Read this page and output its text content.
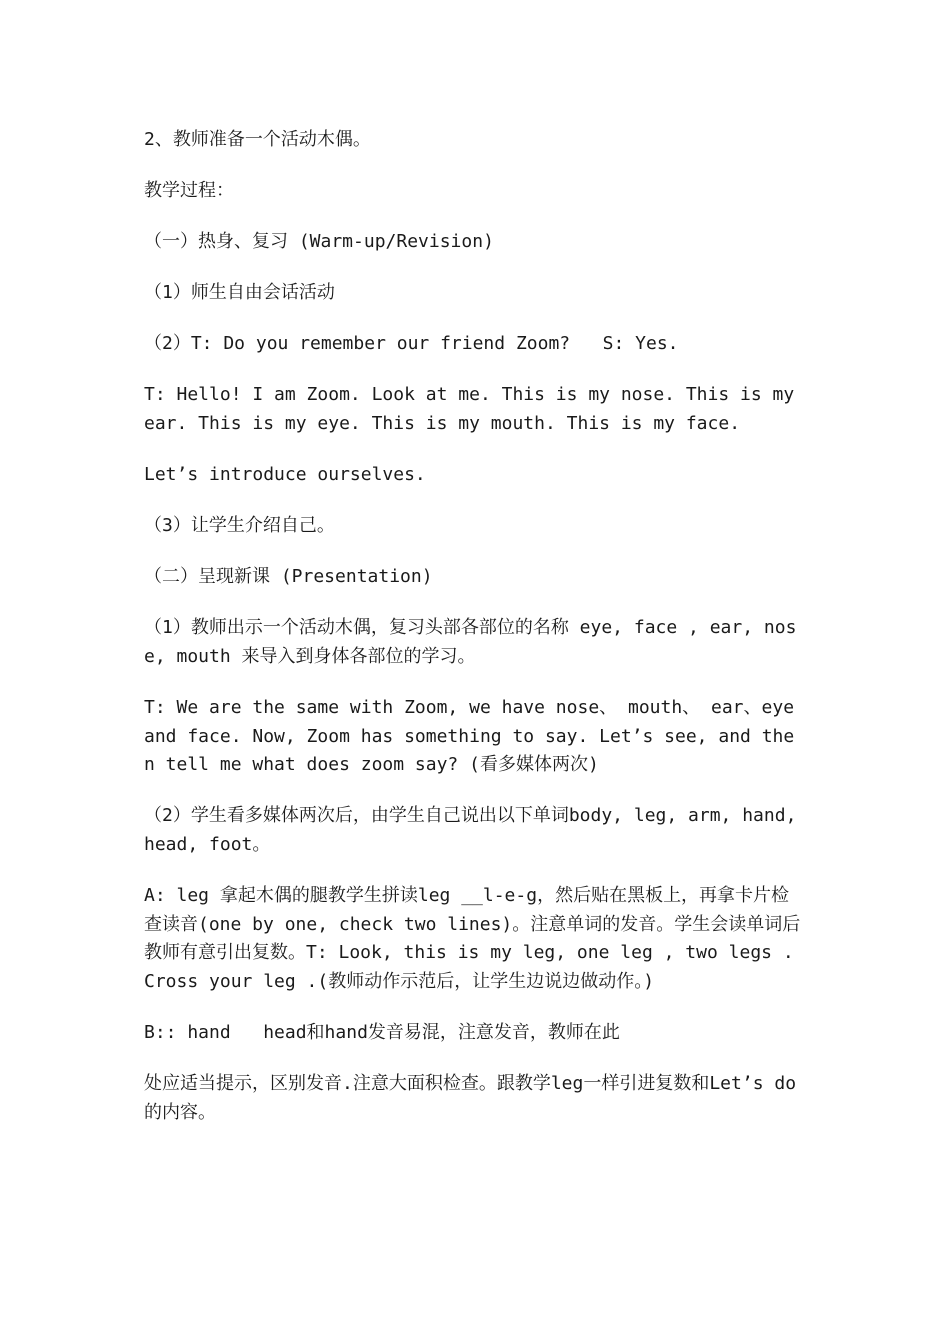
2、教师准备一个活动木偶。

教学过程：

（一）热身、复习 (Warm-up/Revision)

（1）师生自由会话活动

（2）T: Do you remember our friend Zoom?   S: Yes.

T: Hello! I am Zoom. Look at me. This is my nose. This is my ear. This is my eye. This is my mouth. This is my face.

Let’s introduce ourselves.

（3）让学生介绍自己。

（二）呈现新课 (Presentation)

（1）教师出示一个活动木偶，复习头部各部位的名称 eye, face , ear, nose, mouth 来导入到身体各部位的学习。

T: We are the same with Zoom, we have nose、 mouth、 ear、eye and face. Now, Zoom has something to say. Let’s see, and then tell me what does zoom say? (看多媒体两次)

（2）学生看多媒体两次后，由学生自己说出以下单词body, leg, arm, hand, head, foot。

A: leg 拿起木偶的腿教学生拼读leg __l-e-g，然后贴在黑板上，再拿卡片检查读音(one by one, check two lines)。注意单词的发音。学生会读单词后教师有意引出复数。T: Look, this is my leg, one leg , two legs .Cross your leg .(教师动作示范后，让学生边说边做动作。)

B:: hand   head和hand发音易混，注意发音，教师在此

处应适当提示，区别发音.注意大面积检查。跟教学leg一样引进复数和Let’s do 的内容。
